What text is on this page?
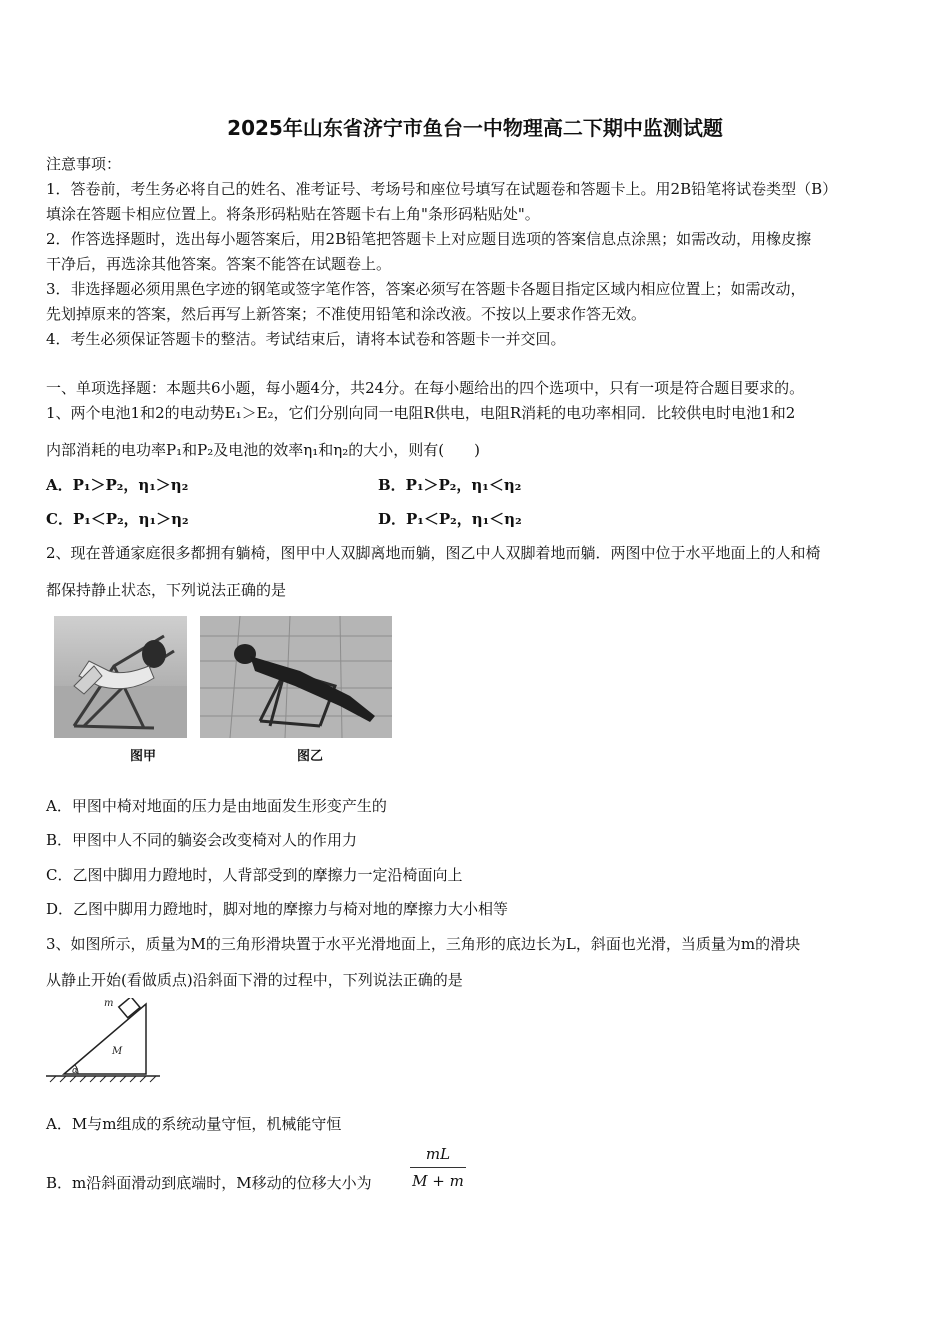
2025年山东省济宁市鱼台一中物理高二下期中监测试题
注意事项：
1．答卷前，考生务必将自己的姓名、准考证号、考场号和座位号填写在试题卷和答题卡上。用2B铅笔将试卷类型（B）
填涂在答题卡相应位置上。将条形码粘贴在答题卡右上角"条形码粘贴处"。
2．作答选择题时，选出每小题答案后，用2B铅笔把答题卡上对应题目选项的答案信息点涂黑；如需改动，用橡皮擦
干净后，再选涂其他答案。答案不能答在试题卷上。
3．非选择题必须用黑色字迹的钢笔或签字笔作答，答案必须写在答题卡各题目指定区域内相应位置上；如需改动，
先划掉原来的答案，然后再写上新答案；不准使用铅笔和涂改液。不按以上要求作答无效。
4．考生必须保证答题卡的整洁。考试结束后，请将本试卷和答题卡一并交回。
一、单项选择题：本题共6小题，每小题4分，共24分。在每小题给出的四个选项中，只有一项是符合题目要求的。
1、两个电池1和2的电动势E₁＞E₂，它们分别向同一电阻R供电，电阻R消耗的电功率相同．比较供电时电池1和2
内部消耗的电功率P₁和P₂及电池的效率η₁和η₂的大小，则有(　　)
A．P₁＞P₂，η₁＞η₂	B．P₁＞P₂，η₁＜η₂
C．P₁＜P₂，η₁＞η₂	D．P₁＜P₂，η₁＜η₂
2、现在普通家庭很多都拥有躺椅，图甲中人双脚离地而躺，图乙中人双脚着地而躺．两图中位于水平地面上的人和椅
都保持静止状态，下列说法正确的是
图甲	图乙
A．甲图中椅对地面的压力是由地面发生形变产生的
B．甲图中人不同的躺姿会改变椅对人的作用力
C．乙图中脚用力蹬地时，人背部受到的摩擦力一定沿椅面向上
D．乙图中脚用力蹬地时，脚对地的摩擦力与椅对地的摩擦力大小相等
3、如图所示，质量为M的三角形滑块置于水平光滑地面上，三角形的底边长为L，斜面也光滑，当质量为m的滑块
从静止开始(看做质点)沿斜面下滑的过程中，下列说法正确的是
m
M
α
A．M与m组成的系统动量守恒，机械能守恒
B．m沿斜面滑动到底端时，M移动的位移大小为	$\frac{mL}{M + m}$
